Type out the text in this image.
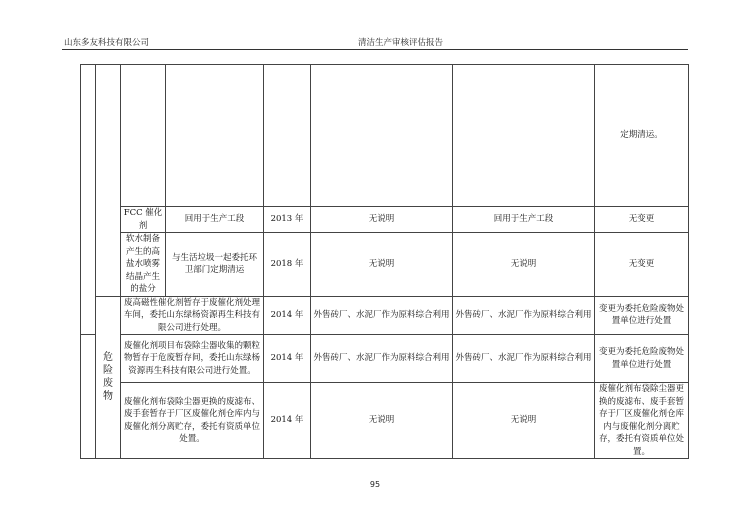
山东多友科技有限公司	清洁生产审核评估报告
							定期清运。
		FCC 催化剂	回用于生产工段	2013 年	无说明	回用于生产工段	无变更
		软水制备产生的高盐水喷雾结晶产生的盐分	与生活垃圾一起委托环卫部门定期清运	2018 年	无说明	无说明	无变更
	危险废物	废高磁性催化剂暂存于废催化剂处理车间，委托山东绿杨资源再生科技有限公司进行处理。		2014 年	外售砖厂、水泥厂作为原料综合利用	外售砖厂、水泥厂作为原料综合利用	变更为委托危险废物处置单位进行处置
		废催化剂项目布袋除尘器收集的颗粒物暂存于危废暂存间，委托山东绿杨资源再生科技有限公司进行处置。		2014 年	外售砖厂、水泥厂作为原料综合利用	外售砖厂、水泥厂作为原料综合利用	变更为委托危险废物处置单位进行处置
		废催化剂布袋除尘器更换的废滤布、废手套暂存于厂区废催化剂仓库内与废催化剂分离贮存，委托有资质单位处置。		2014 年	无说明	无说明	废催化剂布袋除尘器更换的废滤布、废手套暂存于厂区废催化剂仓库内与废催化剂分离贮存，委托有资质单位处置。
95
